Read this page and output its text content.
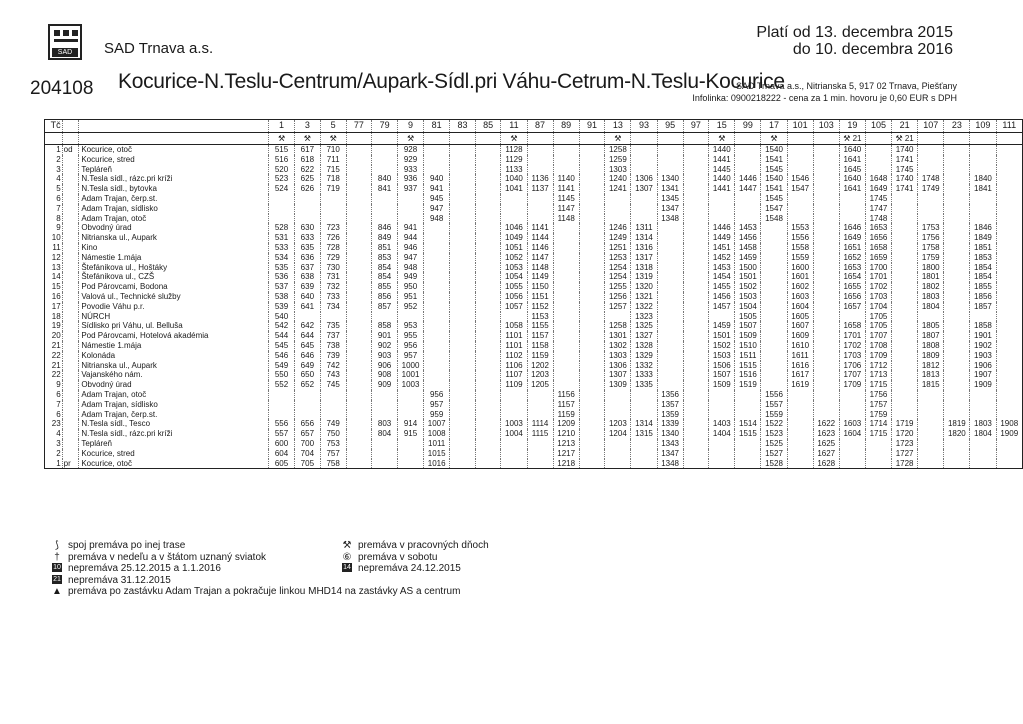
SAD	SAD Trnava a.s.
Platí od 13. decembra 2015
do 10. decembra 2016
204108 Kocurice-N.Teslu-Centrum/Aupark-Sídl.pri Váhu-Cetrum-N.Teslu-Kocurice
SAD Trnava a.s., Nitrianska 5, 917 02 Trnava, Piešťany
Infolinka: 0900218222 - cena za 1 min. hovoru je 0,60 EUR s DPH
Tč			1	3	5	77	79	9	81	83	85	11	87	89	91	13	93	95	97	15	99	17	101	103	19	105	21	107	23	109	111
			⚒	⚒	⚒			⚒				⚒				⚒				⚒		⚒			⚒ 21		⚒ 21				
1	od	Kocurice, otoč	515	617	710			928				1128				1258				1440		1540			1640		1740				
2		Kocurice, stred	516	618	711			929				1129				1259				1441		1541			1641		1741				
3		Tepláreň	520	622	715			933				1133				1303				1445		1545			1645		1745				
4		N.Tesla sídl., rázc.pri kríži	523	625	718		840	936	940			1040	1136	1140		1240	1306	1340		1440	1446	1540	1546		1640	1648	1740	1748		1840	
5		N.Tesla sídl., bytovka	524	626	719		841	937	941			1041	1137	1141		1241	1307	1341		1441	1447	1541	1547		1641	1649	1741	1749		1841	
6		Adam Trajan, čerp.st.							945					1145				1345				1545				1745					
7		Adam Trajan, sídlisko							947					1147				1347				1547				1747					
8		Adam Trajan, otoč							948					1148				1348				1548				1748					
9		Obvodný úrad	528	630	723		846	941				1046	1141			1246	1311			1446	1453		1553		1646	1653		1753		1846	
10		Nitrianska ul., Aupark	531	633	726		849	944				1049	1144			1249	1314			1449	1456		1556		1649	1656		1756		1849	
11		Kino	533	635	728		851	946				1051	1146			1251	1316			1451	1458		1558		1651	1658		1758		1851	
12		Námestie 1.mája	534	636	729		853	947				1052	1147			1253	1317			1452	1459		1559		1652	1659		1759		1853	
13		Štefánikova ul., Hoštáky	535	637	730		854	948				1053	1148			1254	1318			1453	1500		1600		1653	1700		1800		1854	
14		Štefánikova ul., CZŠ	536	638	731		854	949				1054	1149			1254	1319			1454	1501		1601		1654	1701		1801		1854	
15		Pod Párovcami, Bodona	537	639	732		855	950				1055	1150			1255	1320			1455	1502		1602		1655	1702		1802		1855	
16		Valová ul., Technické služby	538	640	733		856	951				1056	1151			1256	1321			1456	1503		1603		1656	1703		1803		1856	
17		Povodie Váhu p.r.	539	641	734		857	952				1057	1152			1257	1322			1457	1504		1604		1657	1704		1804		1857	
18		NÚRCH	540										1153				1323				1505		1605			1705					
19		Sídlisko pri Váhu, ul. Bellušа	542	642	735		858	953				1058	1155			1258	1325			1459	1507		1607		1658	1705		1805		1858	
20		Pod Párovcami, Hotelová akadémia	544	644	737		901	955				1101	1157			1301	1327			1501	1509		1609		1701	1707		1807		1901	
21		Námestie 1.mája	545	645	738		902	956				1101	1158			1302	1328			1502	1510		1610		1702	1708		1808		1902	
22		Kolonáda	546	646	739		903	957				1102	1159			1303	1329			1503	1511		1611		1703	1709		1809		1903	
21		Nitrianska ul., Aupark	549	649	742		906	1000				1106	1202			1306	1332			1506	1515		1616		1706	1712		1812		1906	
22		Vajanského nám.	550	650	743		908	1001				1107	1203			1307	1333			1507	1516		1617		1707	1713		1813		1907	
9		Obvodný úrad	552	652	745		909	1003				1109	1205			1309	1335			1509	1519		1619		1709	1715		1815		1909	
6		Adam Trajan, otoč							956					1156				1356				1556				1756					
7		Adam Trajan, sídlisko							957					1157				1357				1557				1757					
6		Adam Trajan, čerp.st.							959					1159				1359				1559				1759					
23		N.Tesla sídl., Tesco	556	656	749		803	914	1007			1003	1114	1209		1203	1314	1339		1403	1514	1522		1622	1603	1714	1719		1819	1803	1908
4		N.Tesla sídl., rázc.pri kríži	557	657	750		804	915	1008			1004	1115	1210		1204	1315	1340		1404	1515	1523		1623	1604	1715	1720		1820	1804	1909
3		Tepláreň	600	700	753				1011					1213				1343				1525		1625			1723				
2		Kocurice, stred	604	704	757				1015					1217				1347				1527		1627			1727				
1	pr	Kocurice, otoč	605	705	758				1016					1218				1348				1528		1628			1728				
⟆ spoj premáva po inej trase
† premáva v nedeľu a v štátom uznaný sviatok
10 nepremáva 25.12.2015 a 1.1.2016
21 nepremáva 31.12.2015
▲ premáva po zastávku Adam Trajan a pokračuje linkou MHD14 na zastávky AS a centrum
⚒ premáva v pracovných dňoch
⑥ premáva v sobotu
14 nepremáva 24.12.2015
